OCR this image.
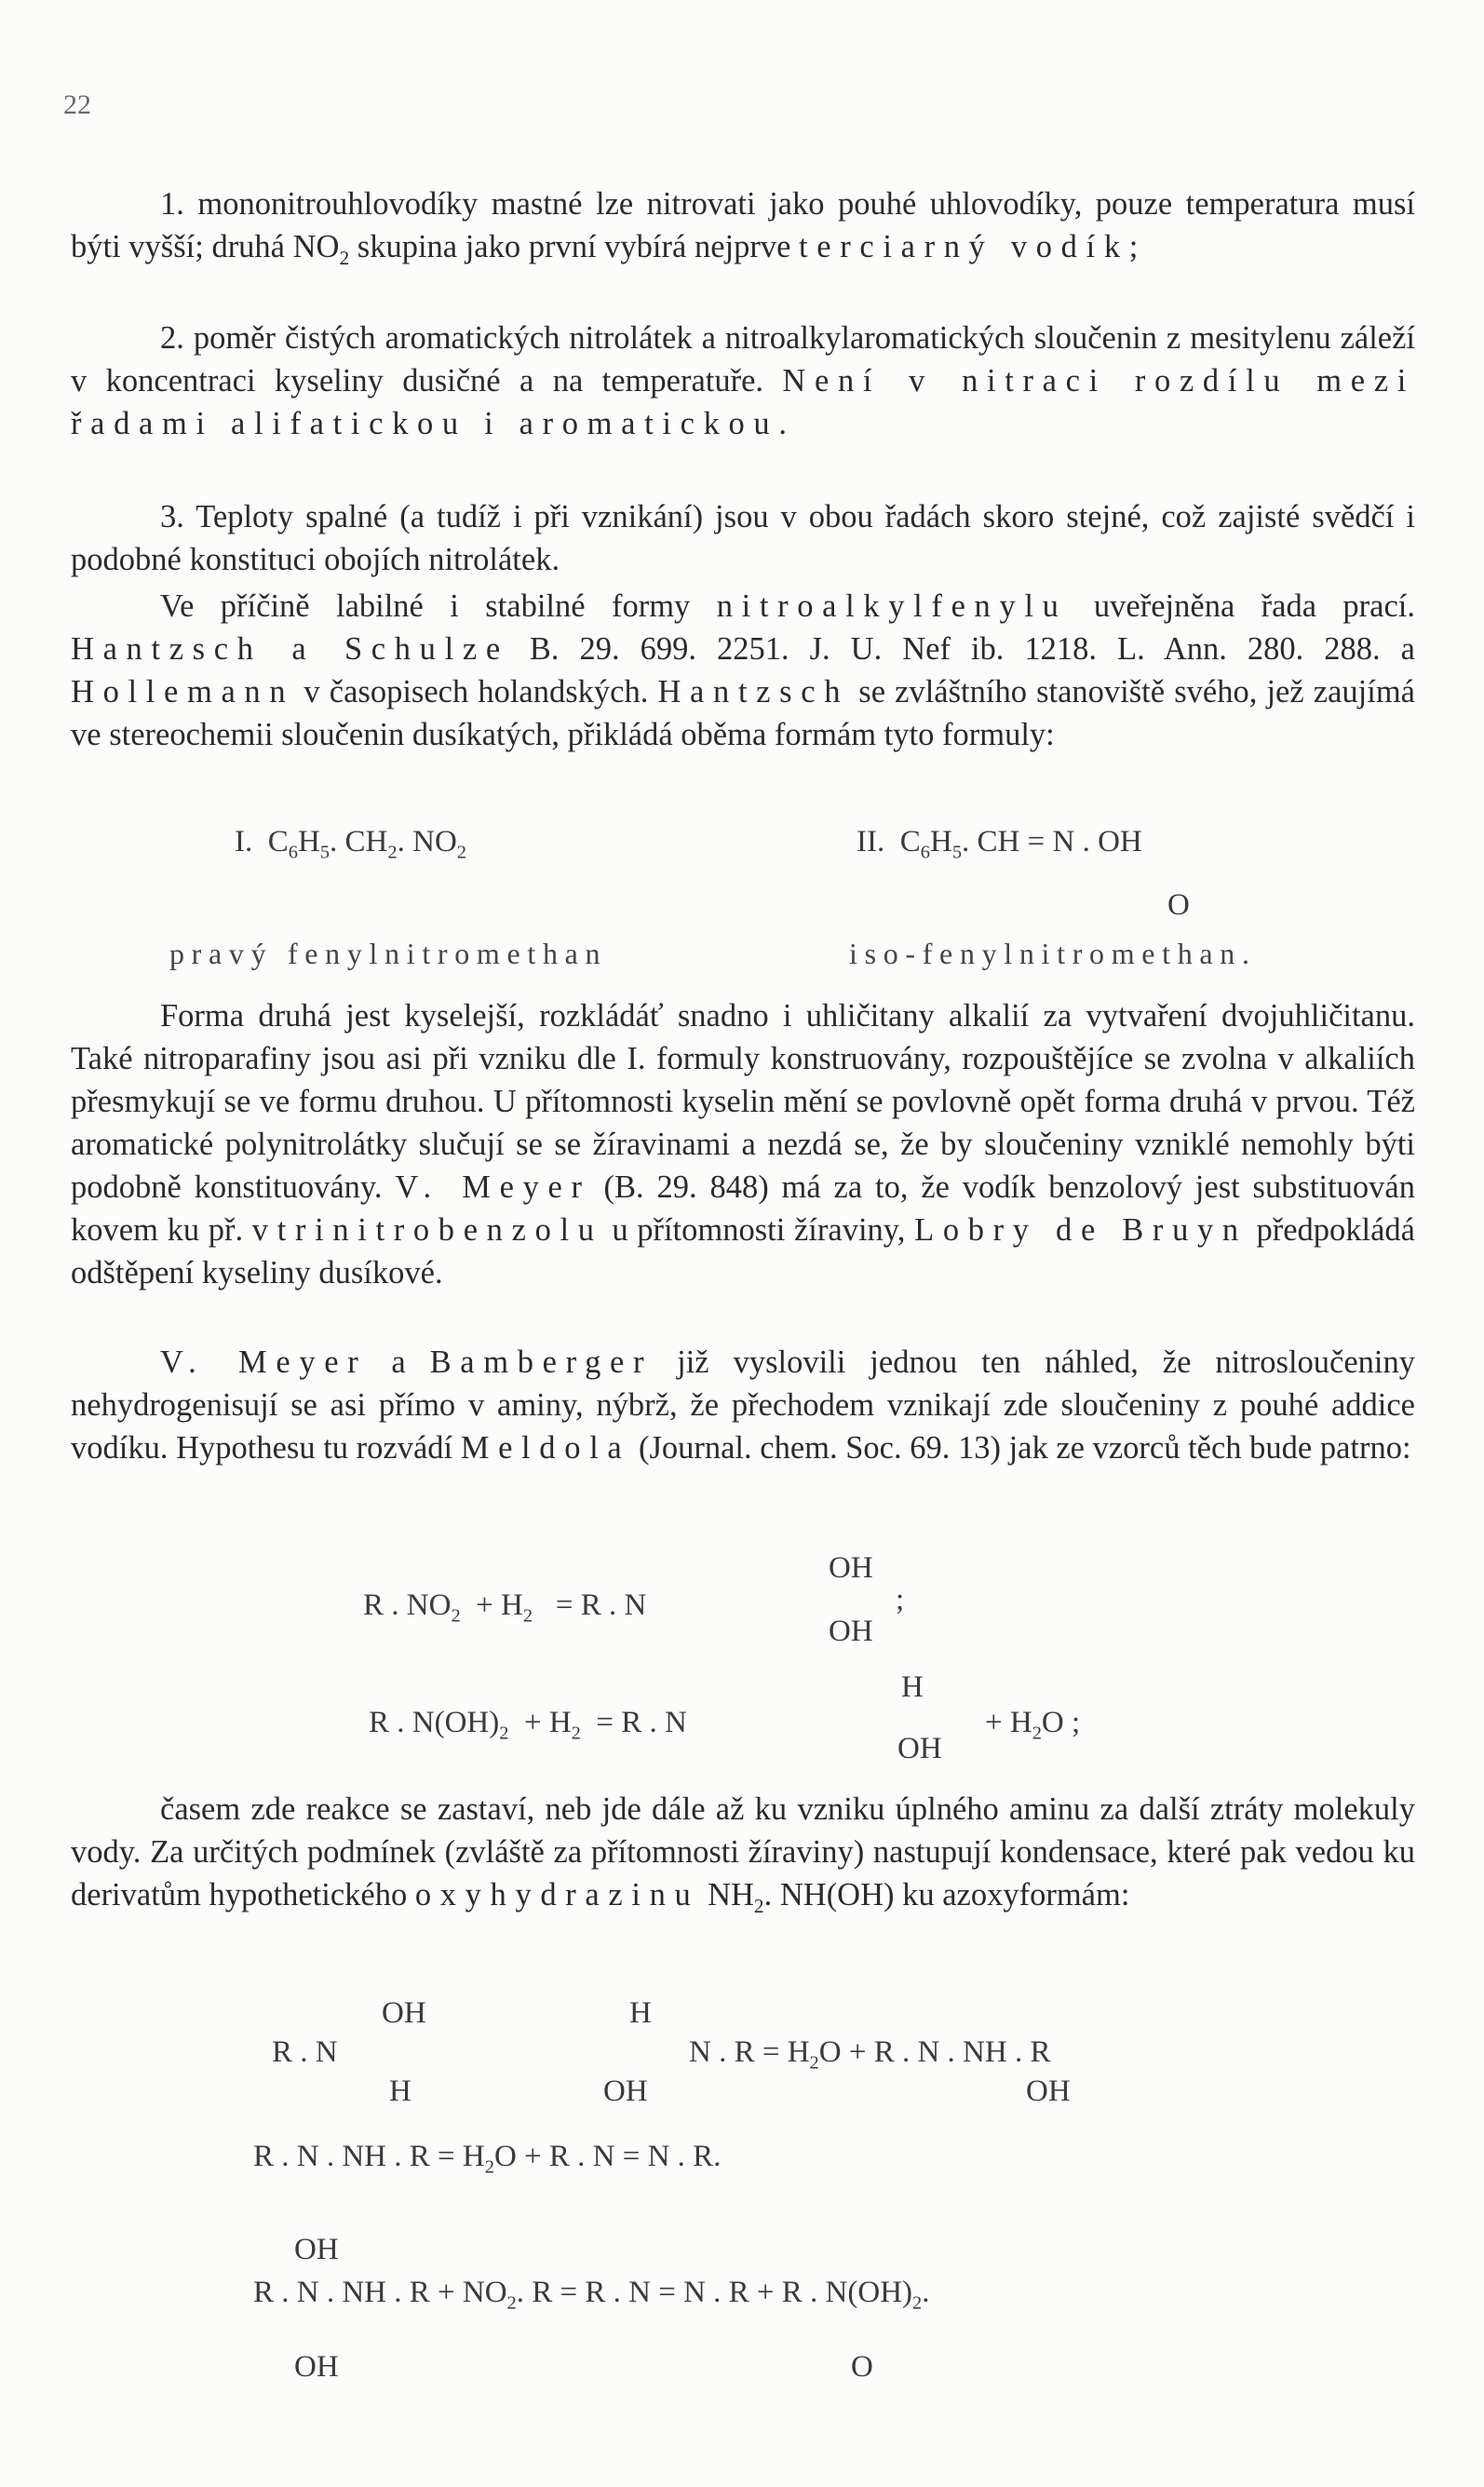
22

1. mononitrouhlovodíky mastné lze nitrovati jako pouhé uhlovodíky, pouze temperatura musí býti vyšší; druhá $NO_2$ skupina jako první vybírá nejprve terciarný vodík;

2. poměr čistých aromatických nitrolátek a nitroalkylaromatických sloučenin z mesitylenu záleží v koncentraci kyseliny dusičné a na temperatuře. Není v nitraci rozdílu mezi řadami alifatickou i aromatickou.

3. Teploty spalné (a tudíž i při vznikání) jsou v obou řadách skoro stejné, což zajisté svědčí i podobné konstituci obojích nitrolátek.

Ve příčině labilné i stabilné formy nitroalkylfenylu uveřejněna řada prací. Hantzsch a Schulze B. 29. 699. 2251. J. U. Nef ib. 1218. L. Ann. 280. 288. a Hollemann v časopisech holandských. Hantzsch se zvláštního stanoviště svého, jež zaujímá ve stereochemii sloučenin dusíkatých, přikládá oběma formám tyto formuly:

I. $C_6H_5$. $CH_2$. $NO_2$	II. $C_6H_5$. CH = N . OH
O
pravý fenylnitromethan	iso-fenylnitromethan.

Forma druhá jest kyselejší, rozkládáť snadno i uhličitany alkalií za vytvaření dvojuhličitanu. Také nitroparafiny jsou asi při vzniku dle I. formuly konstruovány, rozpouštějíce se zvolna v alkaliích přesmykují se ve formu druhou. U přítomnosti kyselin mění se povlovně opět forma druhá v prvou. Též aromatické polynitrolátky slučují se se žíravinami a nezdá se, že by sloučeniny vzniklé nemohly býti podobně konstituovány. V. Meyer (B. 29. 848) má za to, že vodík benzolový jest substituován kovem ku př. v trinitrobenzolu u přítomnosti žíraviny, Lobry de Bruyn předpokládá odštěpení kyseliny dusíkové.

V. Meyer a Bamberger již vyslovili jednou ten náhled, že nitrosloučeniny nehydrogenisují se asi přímo v aminy, nýbrž, že přechodem vznikají zde sloučeniny z pouhé addice vodíku. Hypothesu tu rozvádí Meldola (Journal. chem. Soc. 69. 13) jak ze vzorců těch bude patrno:

R . $NO_2 + H_2 = R$ . N
OH
OH
;
R . $N(OH)_2 + H_2 = R$ . N
H
OH
+ $H_2O$ ;

časem zde reakce se zastaví, neb jde dále až ku vzniku úplného aminu za další ztráty molekuly vody. Za určitých podmínek (zvláště za přítomnosti žíraviny) nastupují kondensace, které pak vedou ku derivatům hypothetického oxyhydrazinu $NH_2$. NH(OH) ku azoxyformám:

OH
R . N
H
H
OH
N . $R = H_2O + R$ . N . NH . R
OH
R . N . NH . $R = H_2O + R$ . N = N . R.
OH
R . N . NH . $R + NO_2$. R = R . N = N . R + R . $N(OH)_2$.
OH	O
